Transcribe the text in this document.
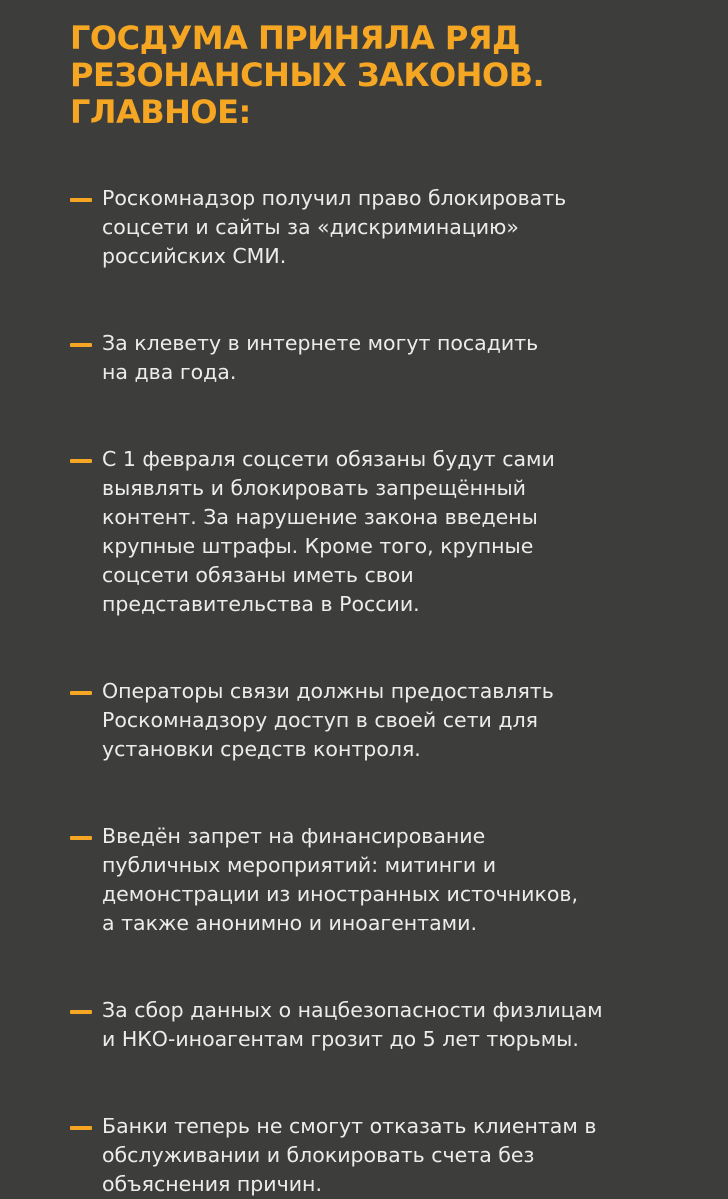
ГОСДУМА ПРИНЯЛА РЯД
РЕЗОНАНСНЫХ ЗАКОНОВ.
ГЛАВНОЕ:
Роскомнадзор получил право блокировать
соцсети и сайты за «дискриминацию»
российских СМИ.
За клевету в интернете могут посадить
на два года.
С 1 февраля соцсети обязаны будут сами
выявлять и блокировать запрещённый
контент. За нарушение закона введены
крупные штрафы. Кроме того, крупные
соцсети обязаны иметь свои
представительства в России.
Операторы связи должны предоставлять
Роскомнадзору доступ в своей сети для
установки средств контроля.
Введён запрет на финансирование
публичных мероприятий: митинги и
демонстрации из иностранных источников,
а также анонимно и иноагентами.
За сбор данных о нацбезопасности физлицам
и НКО-иноагентам грозит до 5 лет тюрьмы.
Банки теперь не смогут отказать клиентам в
обслуживании и блокировать счета без
объяснения причин.
